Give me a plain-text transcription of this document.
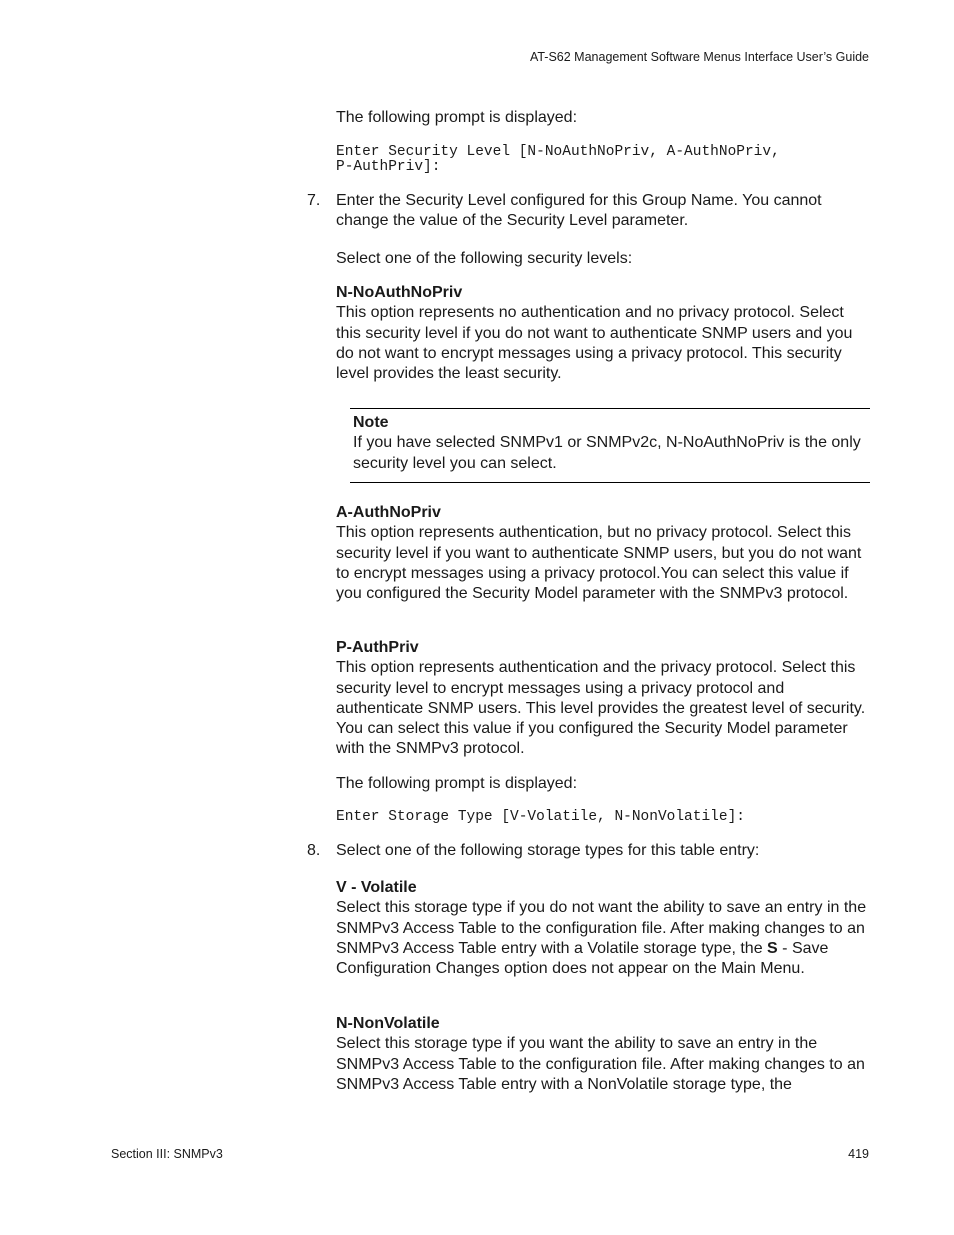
AT-S62 Management Software Menus Interface User’s Guide
The following prompt is displayed:
Enter Security Level [N-NoAuthNoPriv, A-AuthNoPriv,
P-AuthPriv]:
7. Enter the Security Level configured for this Group Name. You cannot change the value of the Security Level parameter.
Select one of the following security levels:
N-NoAuthNoPriv
This option represents no authentication and no privacy protocol. Select this security level if you do not want to authenticate SNMP users and you do not want to encrypt messages using a privacy protocol. This security level provides the least security.
Note
If you have selected SNMPv1 or SNMPv2c, N-NoAuthNoPriv is the only security level you can select.
A-AuthNoPriv
This option represents authentication, but no privacy protocol. Select this security level if you want to authenticate SNMP users, but you do not want to encrypt messages using a privacy protocol.You can select this value if you configured the Security Model parameter with the SNMPv3 protocol.
P-AuthPriv
This option represents authentication and the privacy protocol. Select this security level to encrypt messages using a privacy protocol and authenticate SNMP users. This level provides the greatest level of security. You can select this value if you configured the Security Model parameter with the SNMPv3 protocol.
The following prompt is displayed:
Enter Storage Type [V-Volatile, N-NonVolatile]:
8. Select one of the following storage types for this table entry:
V - Volatile
Select this storage type if you do not want the ability to save an entry in the SNMPv3 Access Table to the configuration file. After making changes to an SNMPv3 Access Table entry with a Volatile storage type, the S - Save Configuration Changes option does not appear on the Main Menu.
N-NonVolatile
Select this storage type if you want the ability to save an entry in the SNMPv3 Access Table to the configuration file. After making changes to an SNMPv3 Access Table entry with a NonVolatile storage type, the
Section III: SNMPv3	419
